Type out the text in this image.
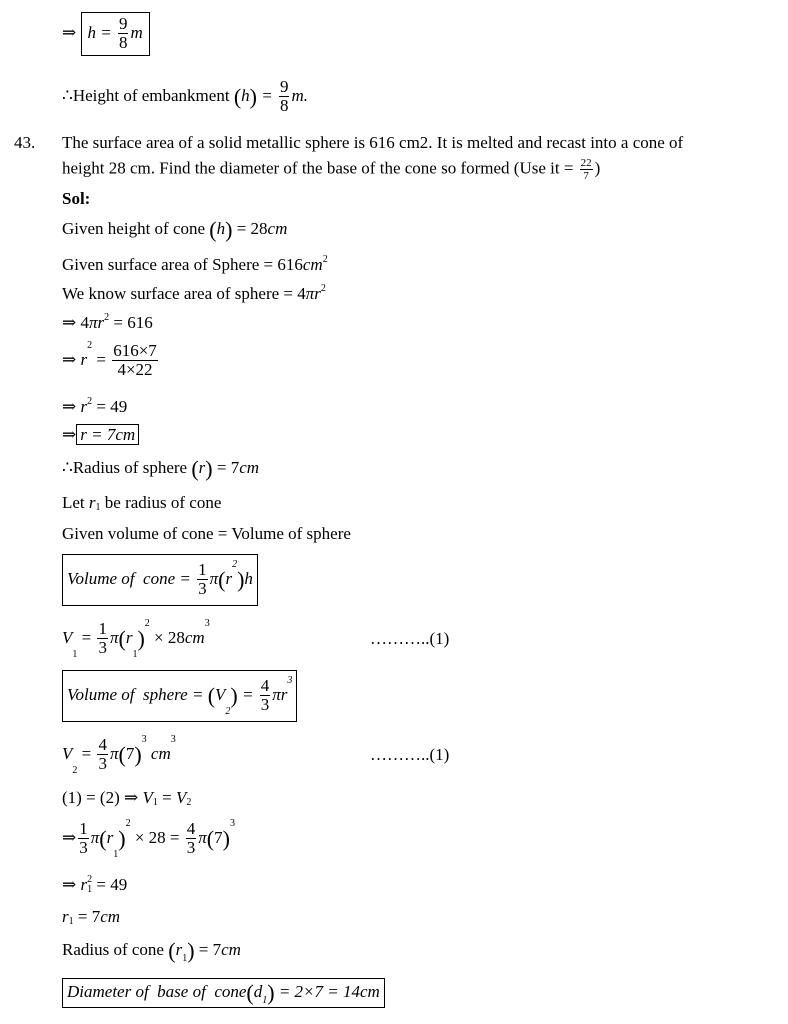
⇒ $h = \frac{9}{8}$ m
∴Height of embankment $(h) = \frac{9}{8} m$.
43. The surface area of a solid metallic sphere is 616 cm2. It is melted and recast into a cone of
height 28 cm. Find the diameter of the base of the cone so formed (Use it = $\frac{22}{7}$ )
Sol:
Given height of cone (h) = 28cm
Given surface area of Sphere = $616cm^2$
We know surface area of sphere = $4\pi r^2$
⇒ $4\pi r^2 = 616$
⇒ $r^2 = \frac{616\times 7}{4\times 22}$
⇒ $r^2 = 49$
⇒ r = 7cm
∴Radius of sphere (r) = 7cm
Let $r_1$ be radius of cone
Given volume of cone = Volume of sphere
Volume of  cone = $\frac{1}{3} \pi(r^2)h$
$V_1 = \frac{1}{3} \pi(r_1)^2 \times 28cm^3$
………..(1)
Volume of  sphere = $(V_2) = \frac{4}{3} \pi r^3$
$V_2 = \frac{4}{3} \pi(7)^3$ $cm^3$
………..(1)
(1) = (2) ⇒ $V_1 = V_2$
⇒ $\frac{1}{3} \pi(r_1)^2 \times 28 = \frac{4}{3} \pi(7)^3$
⇒ $r_1^2 = 49$
$r_1 = 7cm$
Radius of cone $(r_1) = 7cm$
Diameter of  base of  $cone(d_1) = 2\times 7 = 14cm$
